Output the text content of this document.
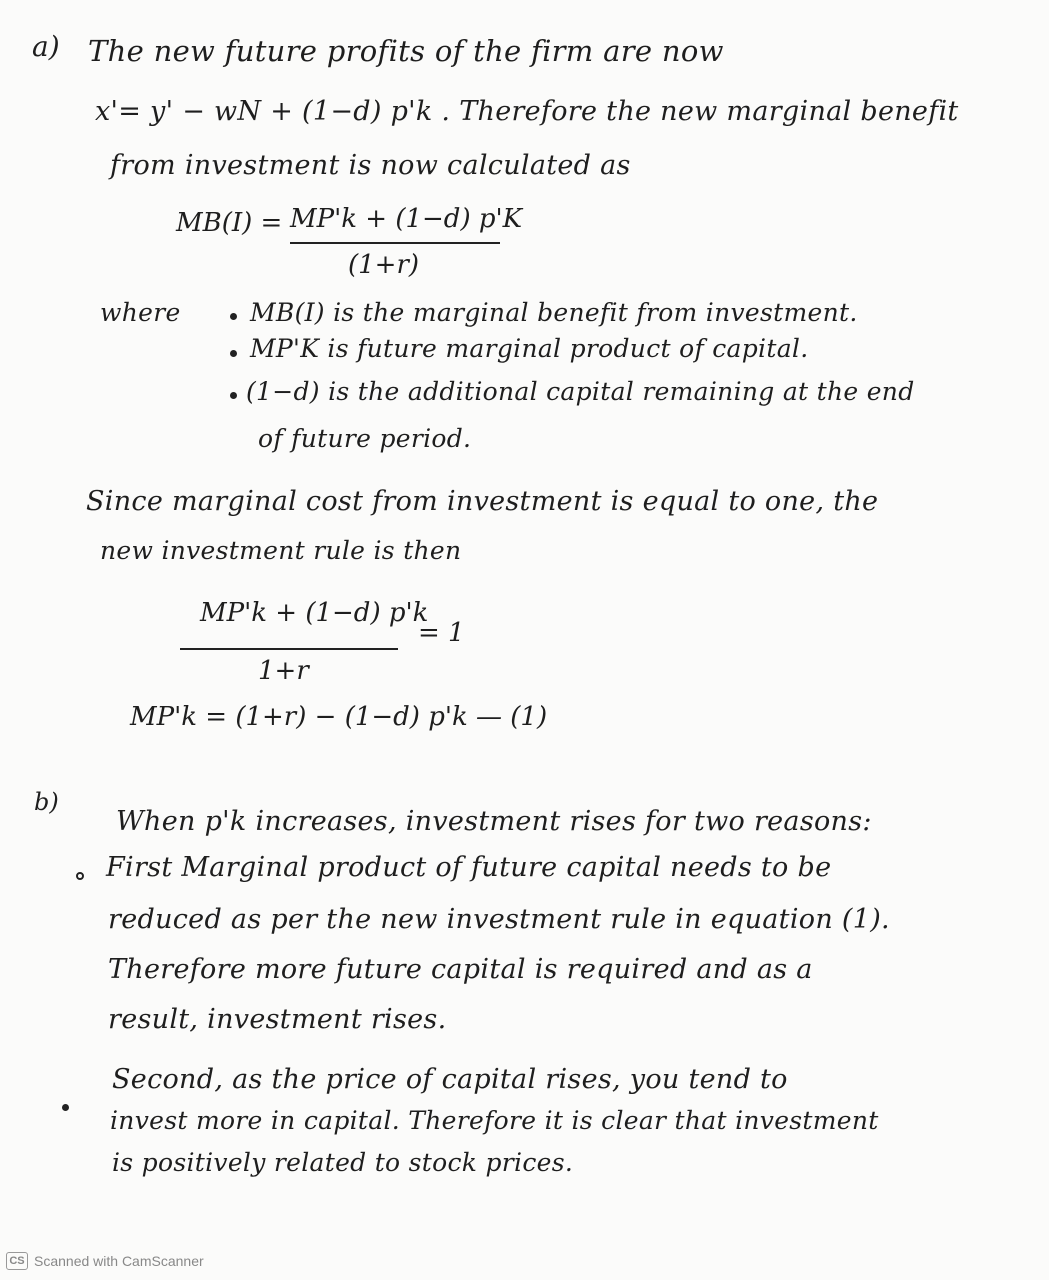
a) The new future profits of the firm are now
x'= y' − wN + (1−d) p'k . Therefore the new marginal benefit
from investment is now calculated as
MB(I) = MP'k + (1−d) p'K
(1+r)
where	MB(I) is the marginal benefit from investment.
MP'K is future marginal product of capital.
(1−d) is the additional capital remaining at the end
of future period.
Since marginal cost from investment is equal to one, the
new investment rule is then
MP'k + (1−d) p'k
= 1
1+r
MP'k = (1+r) − (1−d) p'k — (1)
b)
When p'k increases, investment rises for two reasons:
First Marginal product of future capital needs to be
reduced as per the new investment rule in equation (1).
Therefore more future capital is required and as a
result, investment rises.
Second, as the price of capital rises, you tend to
invest more in capital. Therefore it is clear that investment
is positively related to stock prices.
CS Scanned with CamScanner
